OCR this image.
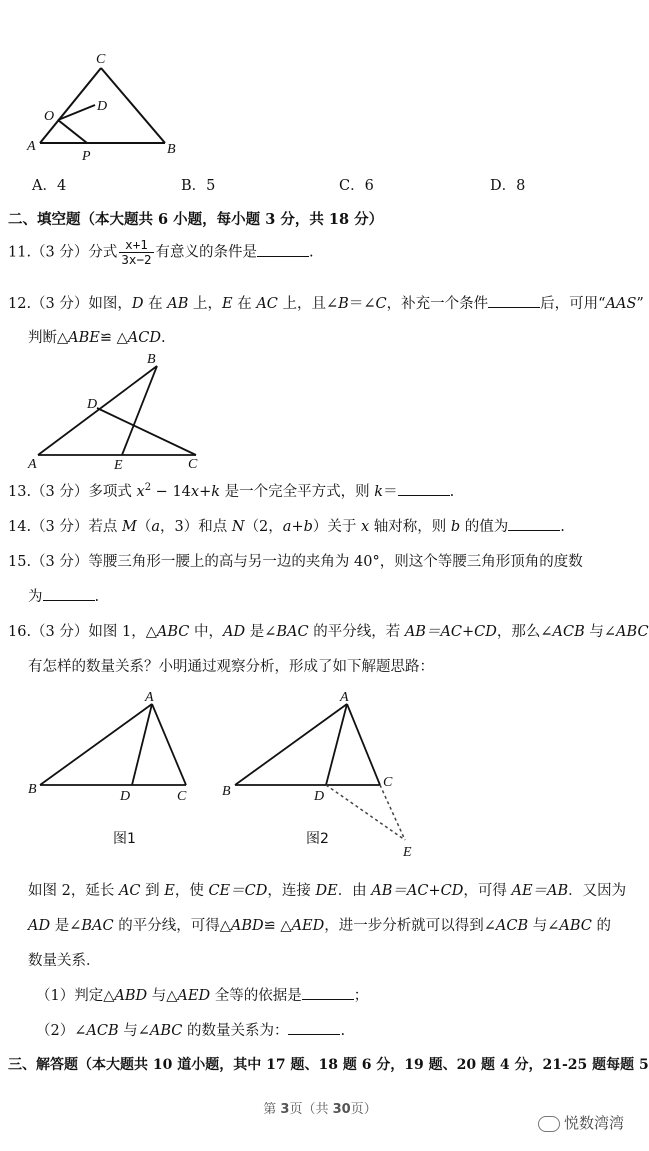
C
D
O
A
P	B
A．4	B．5	C．6	D．8
二、填空题（本大题共 6 小题，每小题 3 分，共 18 分）
11.（3 分）分式 $\frac{x+1}{3x-2}$ 有意义的条件是	.
12.（3 分）如图，D 在 AB 上，E 在 AC 上，且∠B＝∠C，补充一个条件	后，可用“AAS”
判断△ABE≌ △ACD.
B
D
A	E	C
13.（3 分）多项式 $x^2 - 14x+k$ 是一个完全平方式，则 k＝	.
14.（3 分）若点 M（a，3）和点 N（2，a+b）关于 x 轴对称，则 b 的值为	.
15.（3 分）等腰三角形一腰上的高与另一边的夹角为 40°，则这个等腰三角形顶角的度数
为	.
16.（3 分）如图 1，△ABC 中，AD 是∠BAC 的平分线，若 AB＝AC+CD，那么∠ACB 与∠ABC
有怎样的数量关系？小明通过观察分析，形成了如下解题思路：
A
B	D	C
图1
A
B	D
C
E
图2
如图 2，延长 AC 到 E，使 CE＝CD，连接 DE．由 AB＝AC+CD，可得 AE＝AB．又因为
AD 是∠BAC 的平分线，可得△ABD≌ △AED，进一步分析就可以得到∠ACB 与∠ABC 的
数量关系．
（1）判定△ABD 与△AED 全等的依据是	；
（2）∠ACB 与∠ABC 的数量关系为：	.
三、解答题（本大题共 10 道小题，其中 17 题、18 题 6 分，19 题、20 题 4 分，21-25 题每题 5
第 3页（共 30页）
悦数湾湾
